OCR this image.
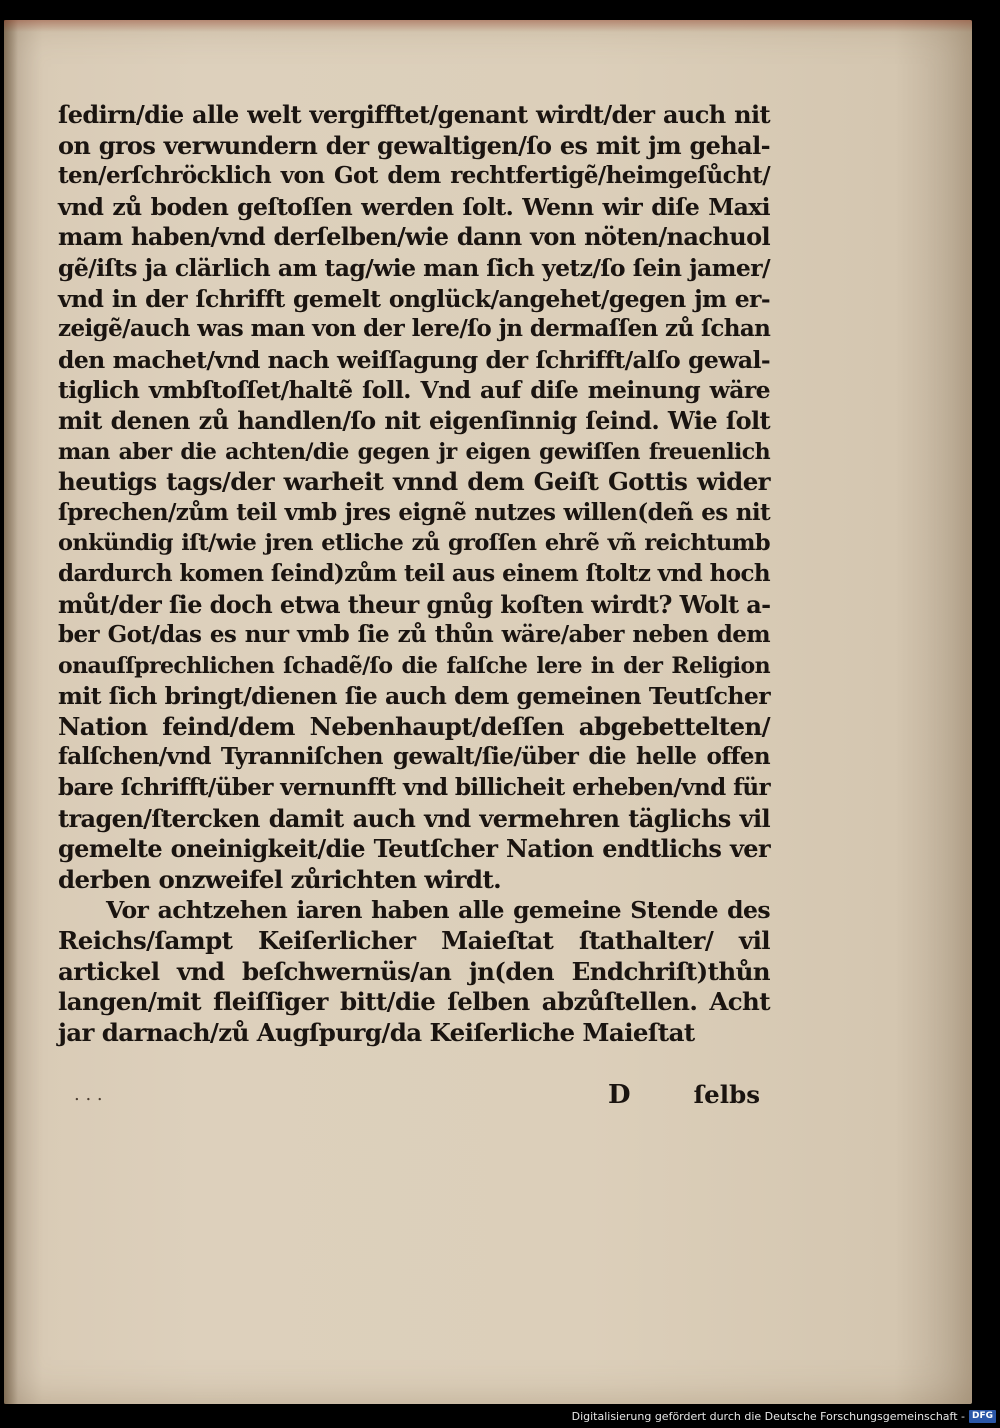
ſedirn/die alle welt vergifftet/genant wirdt/der auch nit
on gros verwundern der gewaltigen/ſo es mit jm gehal-
ten/erſchröcklich von Got dem rechtfertigẽ/heimgeſůcht/
vnd zů boden geſtoſſen werden ſolt. Wenn wir diſe Maxi
mam haben/vnd derſelben/wie dann von nöten/nachuol
gẽ/iſts ja clärlich am tag/wie man ſich yetz/ſo ſein jamer/
vnd in der ſchrifft gemelt onglück/angehet/gegen jm er-
zeigẽ/auch was man von der lere/ſo jn dermaſſen zů ſchan
den machet/vnd nach weiſſagung der ſchrifft/alſo gewal-
tiglich vmbſtoſſet/haltẽ ſoll. Vnd auf diſe meinung wäre
mit denen zů handlen/ſo nit eigenſinnig ſeind. Wie ſolt
man aber die achten/die gegen jr eigen gewiſſen freuenlich
heutigs tags/der warheit vnnd dem Geiſt Gottis wider
ſprechen/zům teil vmb jres eignẽ nutzes willen(deñ es nit
onkündig iſt/wie jren etliche zů groſſen ehrẽ vñ reichtumb
dardurch komen ſeind)zům teil aus einem ſtoltz vnd hoch
můt/der ſie doch etwa theur gnůg koſten wirdt? Wolt a-
ber Got/das es nur vmb ſie zů thůn wäre/aber neben dem
onauſſprechlichen ſchadẽ/ſo die falſche lere in der Religion
mit ſich bringt/dienen ſie auch dem gemeinen Teutſcher
Nation feind/dem Nebenhaupt/deſſen abgebettelten/
falſchen/vnd Tyranniſchen gewalt/ſie/über die helle offen
bare ſchrifft/über vernunfft vnd billicheit erheben/vnd für
tragen/ſtercken damit auch vnd vermehren täglichs vil
gemelte oneinigkeit/die Teutſcher Nation endtlichs ver
derben onzweifel zůrichten wirdt.
Vor achtzehen iaren haben alle gemeine Stende des
Reichs/ſampt Keiſerlicher Maieſtat ſtathalter/ vil
artickel vnd beſchwernüs/an jn(den Endchriſt)thůn
langen/mit fleiſſiger bitt/die ſelben abzůſtellen. Acht
jar darnach/zů Augſpurg/da Keiſerliche Maieſtat
. . .	D	ſelbs
Digitalisierung gefördert durch die Deutsche Forschungsgemeinschaft - DFG
